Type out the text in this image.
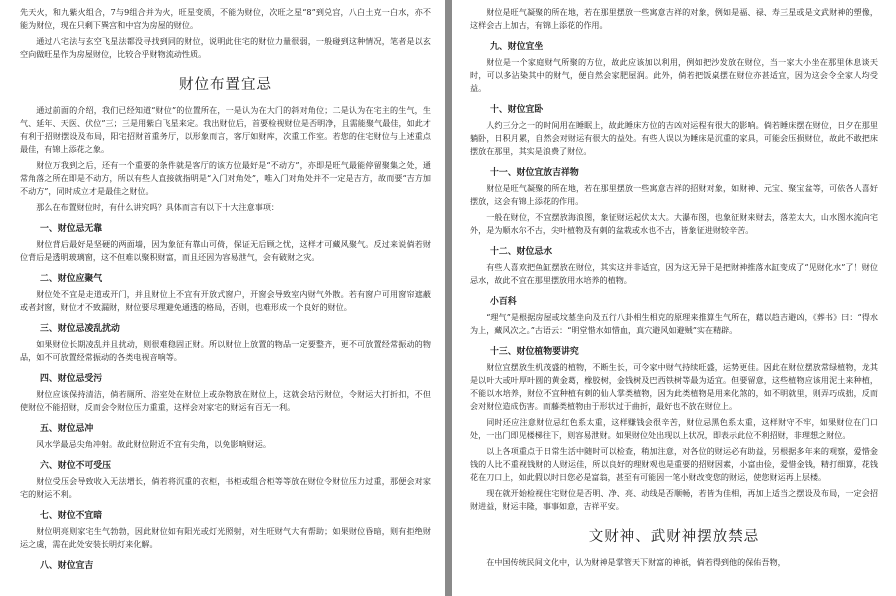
先天火，和九紫火组合，7与9组合并为火，旺星变质，不能为财位，次旺之星“8”到兑宫，八白土克一白水，亦不能为财位，现在只剩下巽宫和中宫为房屋的财位。

通过八宅法与玄空飞星法都没寻找到同的财位，说明此住宅的财位力量很弱，一般碰到这种情况，笔者是以玄空向做旺星作为房屋财位，比较合乎财物流动性质。

财位布置宜忌

通过前面的介绍，我们已经知道“财位”的位置所在，一是认为在大门的斜对角位；二是认为在宅主的生气，生气、延年、天医、伏位”三；三是用紫白飞星来定。我出财位后，首要检视财位是否明净，且需能聚气最佳，如此才有利于招财摆设及布局，阳宅招财首重务厅，以形象而言，客厅如财库，次重工作室。若您的住宅财位与上述重点最佳，有锦上添花之象。

财位万我到之后，还有一个重要的条件就是客厅的该方位最好是“不动方”，亦即是旺气最能停留聚集之处，通常角落之所在即是不动方，所以有些人直接就指明是“入门对角处”，唯入门对角处并不一定是吉方，故而要“吉方加不动方”，同时成立才是最佳之财位。

那么在布置财位时，有什么讲究吗？具体而言有以下十大注意事项：

一、财位忌无靠

财位背后最好是坚硬的两面墙，因为象征有靠山可倚，保证无后顾之忧，这样才可藏风聚气。反过来说倘若财位背后是透明玻璃窗，这不但难以聚积财富，而且还因为容易泄气，会有破财之灾。

二、财位应聚气

财位处不宜是走道或开门，并且财位上不宜有开放式窗户，开窗会导致室内财气外散。若有窗户可用窗帘遮蔽或者封窗，财位才不致漏财，财位要尽理避免通透的格局，否则，也难形成一个良好的财位。

三、财位忌凌乱扰动

如果财位长期凌乱并且扰动，则很难稳固正财。所以财位上放置的物品一定要整齐，更不可放置经常振动的物品，如不可放置经常振动的各类电视音响等。

四、财位忌受污

财位应该保持清洁，倘若厕所、浴室处在财位上或杂物放在财位上，这就会玷污财位，令财运大打折扣，不但使财位不能招财，反而会令财位压力重重，这样会对家宅的财运有百无一利。

五、财位忌冲

风水学最忌尖角冲射。故此财位附近不宜有尖角，以免影响财运。

六、财位不可受压

财位受压会导致收入无法增长，倘若将沉重的衣柜，书柜或组合柜等等放在财位令财位压力过重，那便会对家宅的财运不利。

七、财位不宜暗

财位明亮则家宅生气勃勃，因此财位如有阳光或灯光照射，对生旺财气大有帮助；如果财位昏暗，则有拒绝财运之虞，需在此处安装长明灯来化解。

八、财位宜吉

财位是旺气凝聚的所在地，若在那里摆放一些寓意吉祥的对象，例如是福、禄、寿三星或是文武财神的塑像，这样会古上加古，有锦上添花的作用。

九、财位宜坐

财位是一个家庭财气所聚的方位，故此应该加以利用，例如把沙发放在财位，当一家大小坐在那里休息谈天时，可以多沾染其中的财气，便自然会家肥屋润。此外，倘若把饭桌摆在财位亦甚适宜，因为这会令全家人均受益。

十、财位宜卧

人约三分之一的时间用在睡眠上，故此睡床方位的吉凶对运程有很大的影响。倘若睡床摆在财位，日夕在那里躺卧，日积月累，自然会对财运有很大的益处。有些人误以为睡床是沉重的家具，可能会压损财位，故此不敢把床摆放在那里，其实是浪费了财位。

十一、财位宜放吉祥物

财位是旺气凝聚的所在地，若在那里摆放一些寓意吉祥的招财对象，如财神、元宝、聚宝盆等，可依各人喜好摆放，这会有锦上添花的作用。

一般在财位，不宜摆放海浪图，象征财运起伏太大。大瀑布图，也象征财来财去，落差太大，山水图水流向宅外，是为顺水尔不古，尖叶植物及有刺的盆栽或水也不古，皆象征进财较辛苦。

十二、财位忌水

有些人喜欢把鱼缸摆放在财位，其实这并非适宜，因为这无异于是把财神推落水缸变成了“见财化水”了！财位忌水，故此不宜在那里摆放用水培养的植物。

小百科

“理气”是根据房屋或坟墓坐向及五行八卦相生相克的原理来推算生气所在，藉以趋吉避凶，《葬书》曰：“得水为上，藏风次之。”古语云：“明堂惜水如惜血，真穴避风如避贼”实在精辟。

十三、财位植物要讲究

财位宜摆放生机茂盛的植物，不断生长，可令家中财气持续旺盛，运势更佳。因此在财位摆放常绿植物，龙其是以叶大或叶厚叶圆的黄金葛，橡胶树，金钱树及巴西铁树等最为适宜。但要留意，这些植物应该用泥土来种植，不能以水培养，财位不宜种植有刺的仙人掌类植物，因为此类植物是用来化煞的，如不明就里，则弄巧成拙，反而会对财位造成伤害。而藤类植物由于形状过于曲折，最好也不放在财位上。

同时还应注意财位忌红色系太重，这样赚钱会很辛苦，财位忌黑色系太重，这样财守不牢，如果财位在门口处，一出门即见楼梯往下，则容易泄财。如果财位处出现以上状况，即表示此位不利招财，非理想之财位。

以上各项重点于日常生活中随时可以检查，稍加注意，对各位的财运必有助益，另根据多年来的观察，爱惜金钱的人比不重视钱财的人财运佳，所以良好的理财观也是重要的招财因素，小富由俭，爱惜金钱，精打细算，花钱花在刀口上，如此假以时日您必是富翁，甚至有可能因一笔小财改变您的财运，使您财运再上层楼。

现在就开始检视住宅财位是否明、净、亮、动线是否顺畅，若皆为佳相，再加上适当之摆设及布局，一定会招财进益，财运丰隆，事事如意，吉祥平安。

文财神、武财神摆放禁忌

在中国传统民间文化中，认为财神是掌管天下财富的神祇，倘若得到他的保佑吾物，
